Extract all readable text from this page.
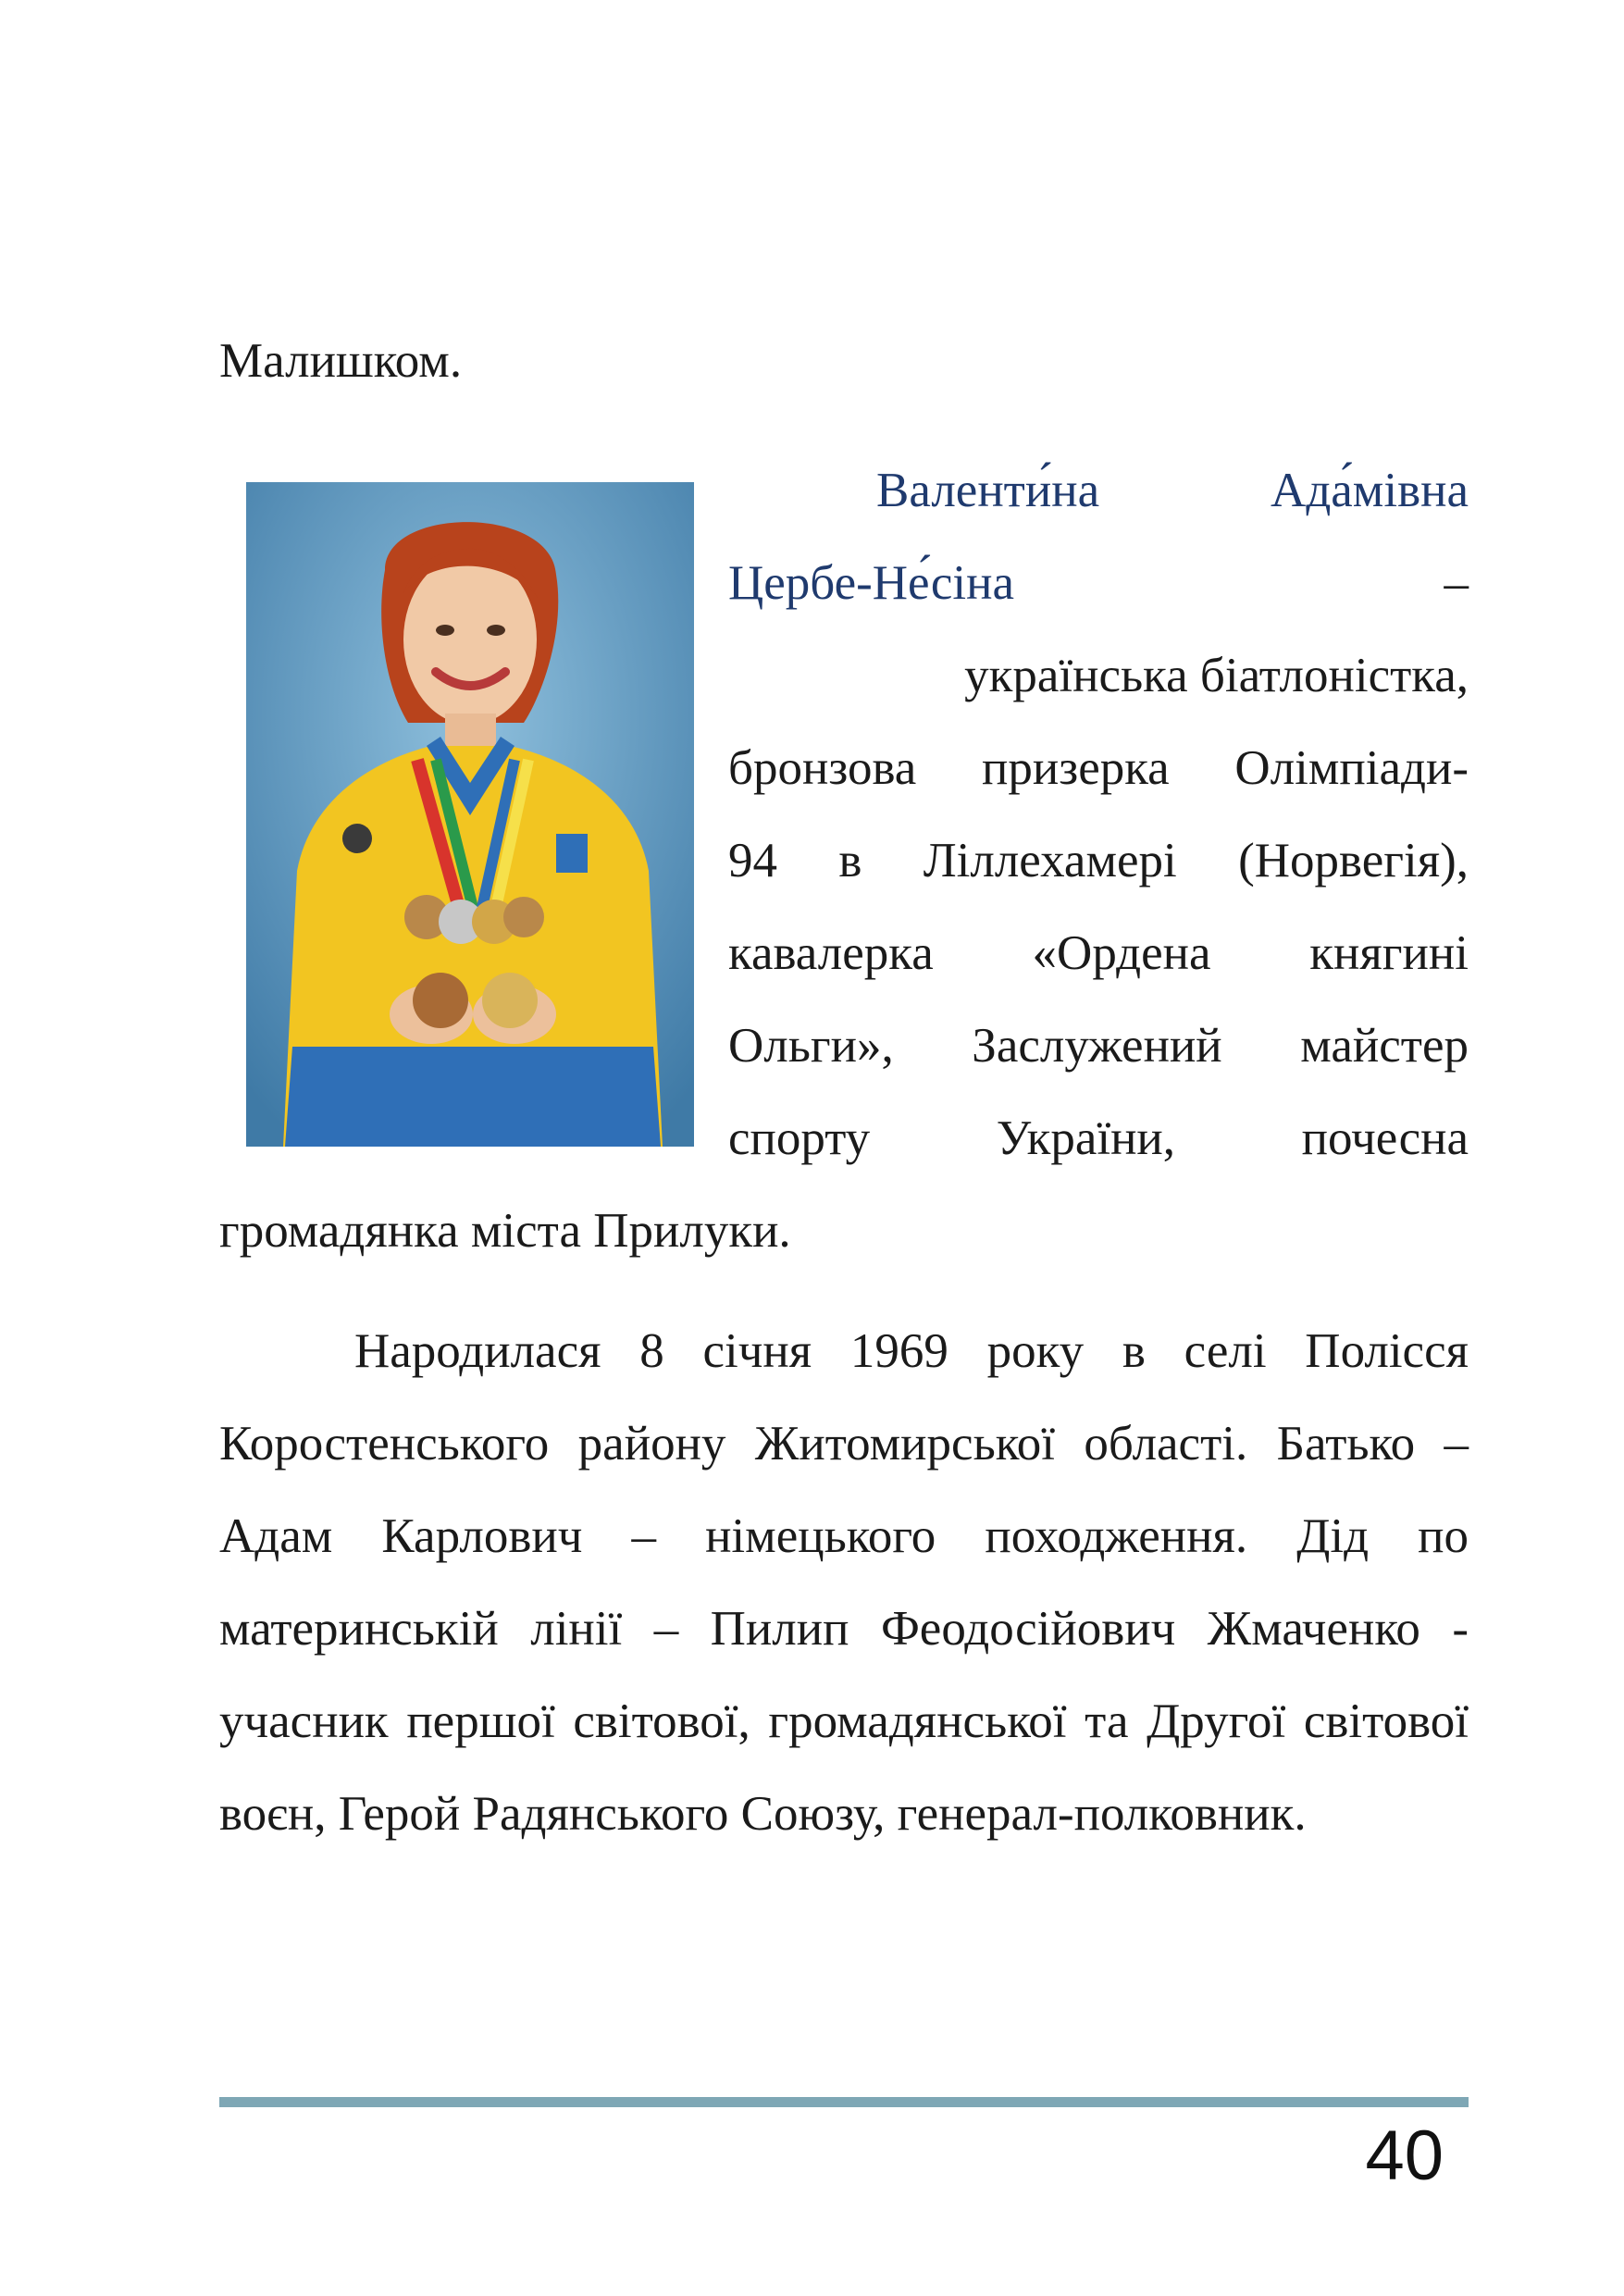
Малишком.
Валенти́на	Ада́мівна
Цербе-Не́сіна	–
українська біатлоністка,
бронзова призерка Олімпіади-
94 в Ліллехамері (Норвегія),
кавалерка «Ордена княгині
Ольги», Заслужений майстер
спорту України, почесна
громадянка міста Прилуки.
Народилася 8 січня 1969 року в селі Полісся Коростенського району Житомирської області. Батько – Адам Карлович – німецького походження. Дід по материнській лінії – Пилип Феодосійович Жмаченко - учасник першої світової, громадянської та Другої світової воєн, Герой Радянського Союзу, генерал-полковник.
40
